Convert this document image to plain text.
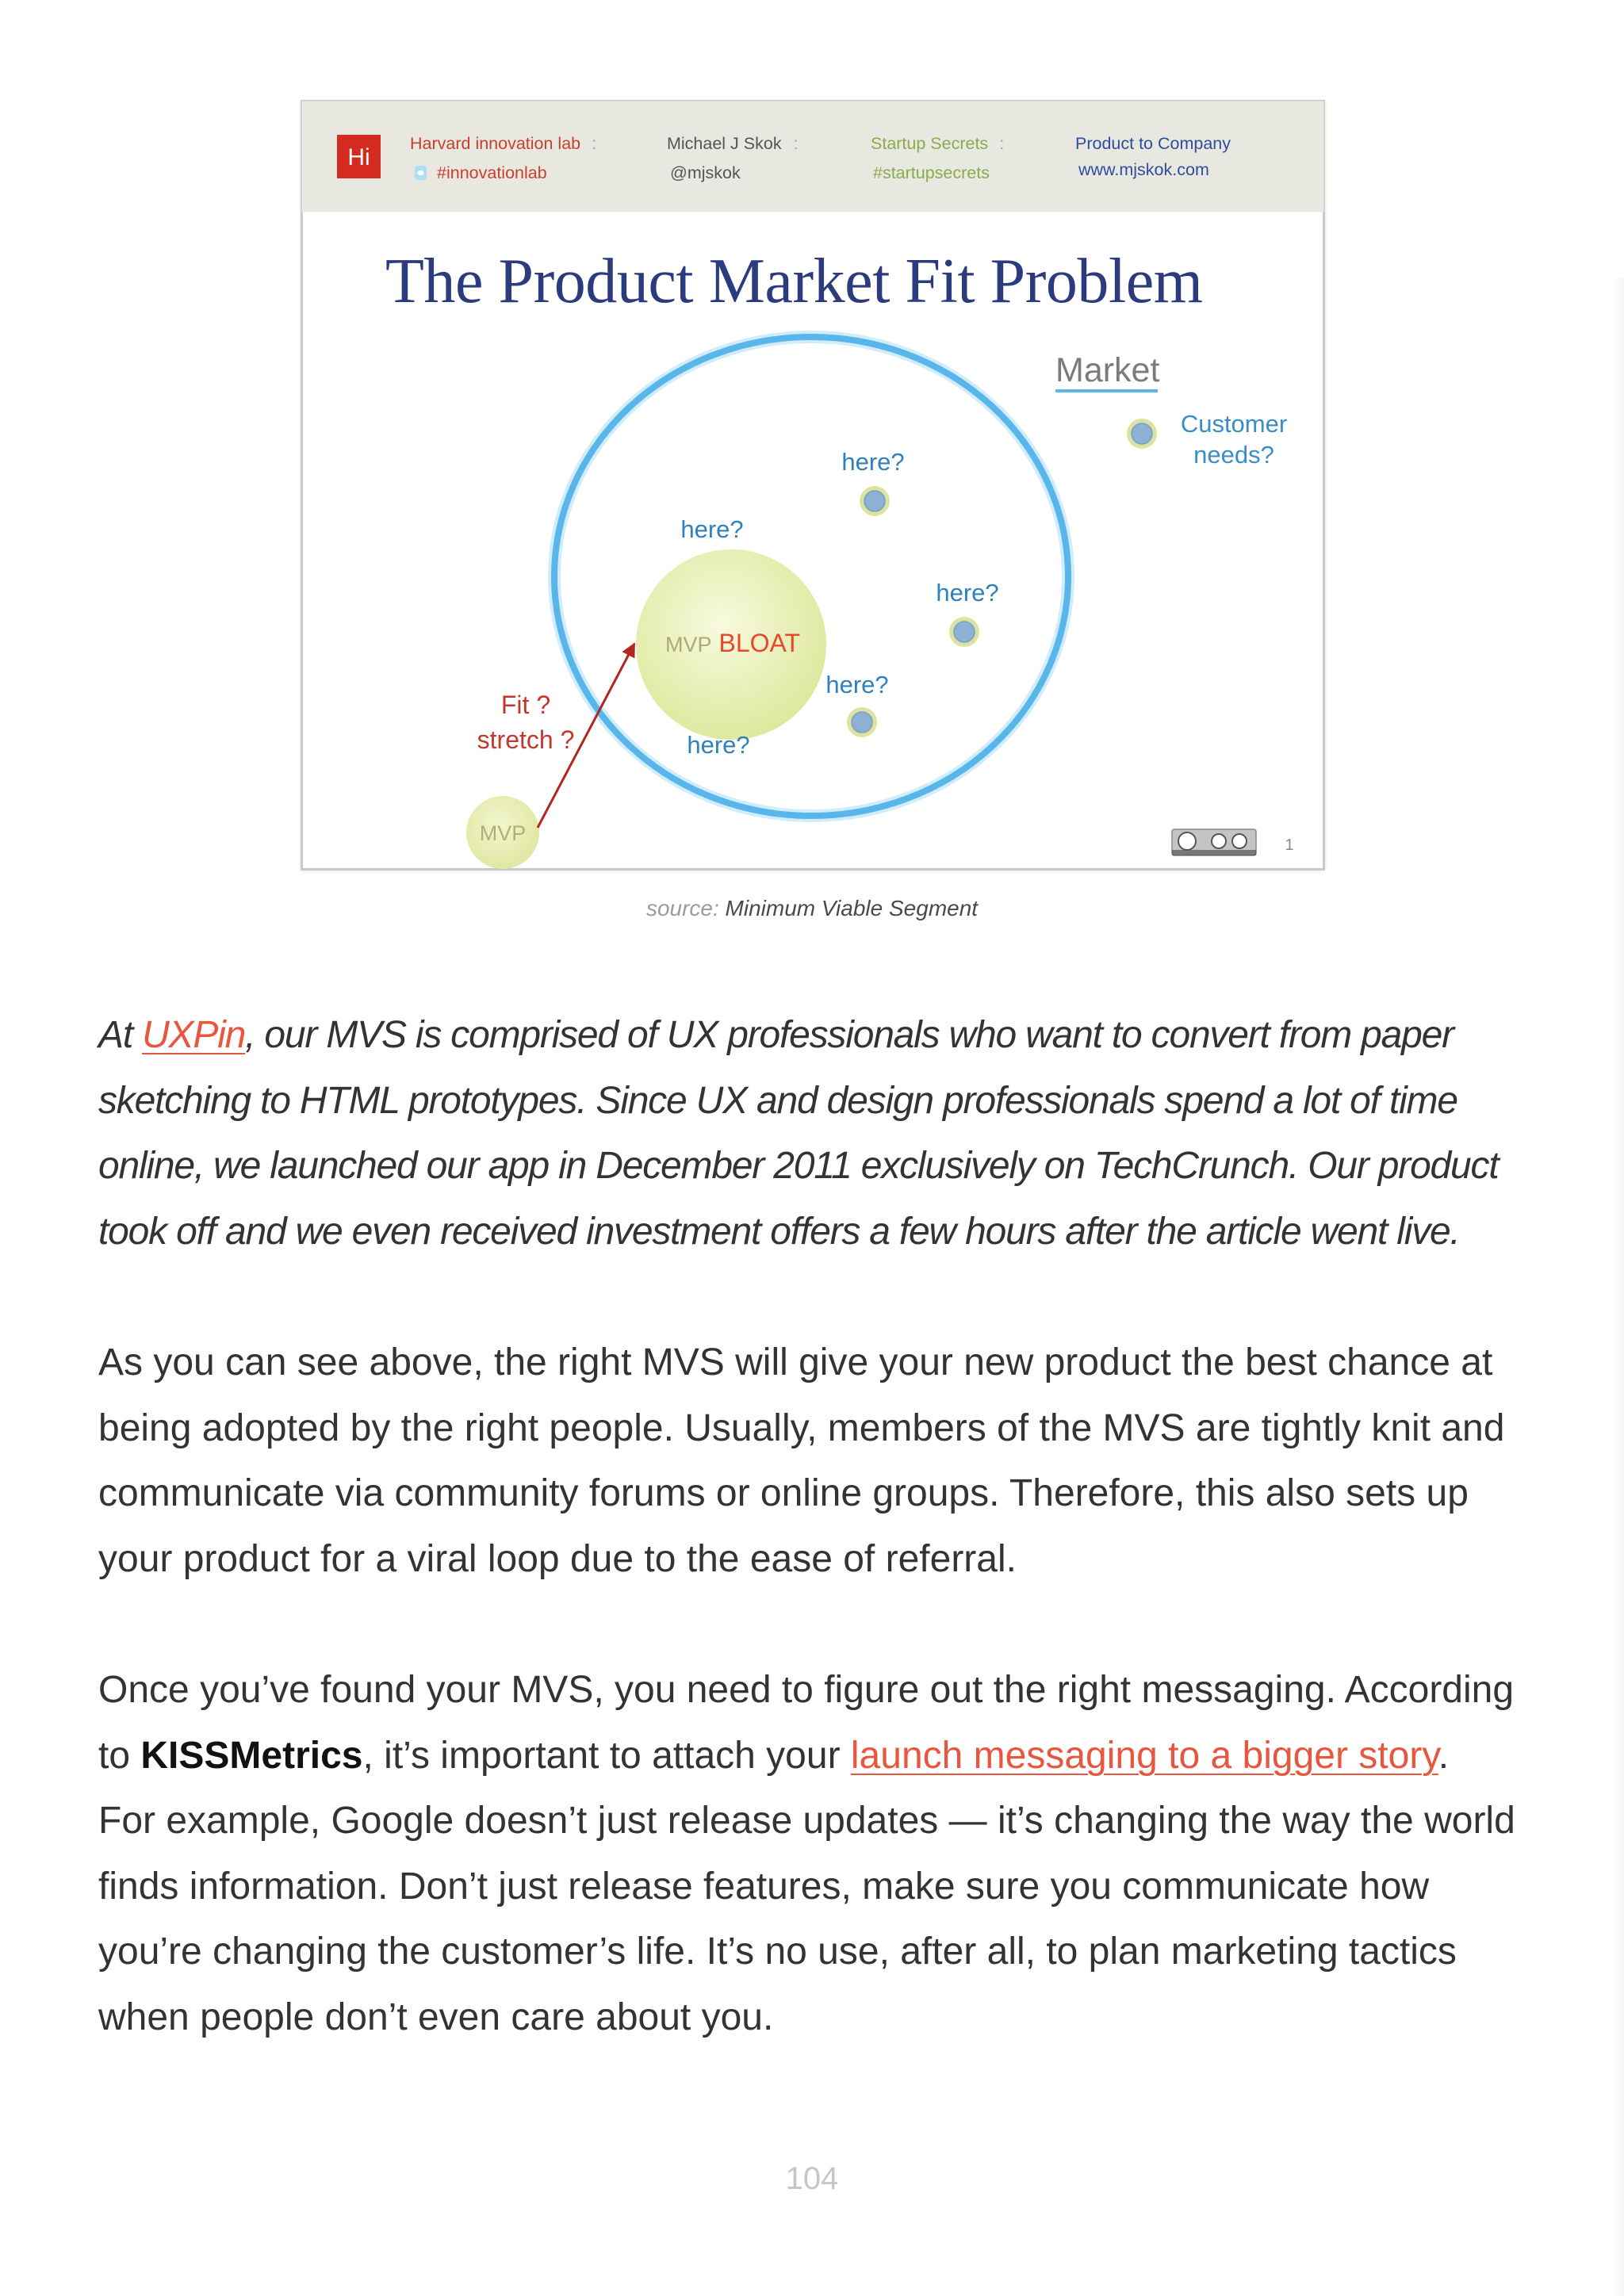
Hi
Harvard innovation lab :
#innovationlab
Michael J Skok :
@mjskok
Startup Secrets :
#startupsecrets
Product to Company
www.mjskok.com
The Product Market Fit Problem
Market
Customer
needs?
MVP BLOAT
here?
here?
here?
here?
here?
MVP
Fit ?
stretch ?
1
source: Minimum Viable Segment
At UXPin, our MVS is comprised of UX professionals who want to convert from paper
sketching to HTML prototypes. Since UX and design professionals spend a lot of time
online, we launched our app in December 2011 exclusively on TechCrunch. Our product
took off and we even received investment offers a few hours after the article went live.
As you can see above, the right MVS will give your new product the best chance at
being adopted by the right people. Usually, members of the MVS are tightly knit and
communicate via community forums or online groups. Therefore, this also sets up
your product for a viral loop due to the ease of referral.
Once you’ve found your MVS, you need to figure out the right messaging. According
to KISSMetrics, it’s important to attach your launch messaging to a bigger story.
For example, Google doesn’t just release updates — it’s changing the way the world
finds information. Don’t just release features, make sure you communicate how
you’re changing the customer’s life. It’s no use, after all, to plan marketing tactics
when people don’t even care about you.
104
